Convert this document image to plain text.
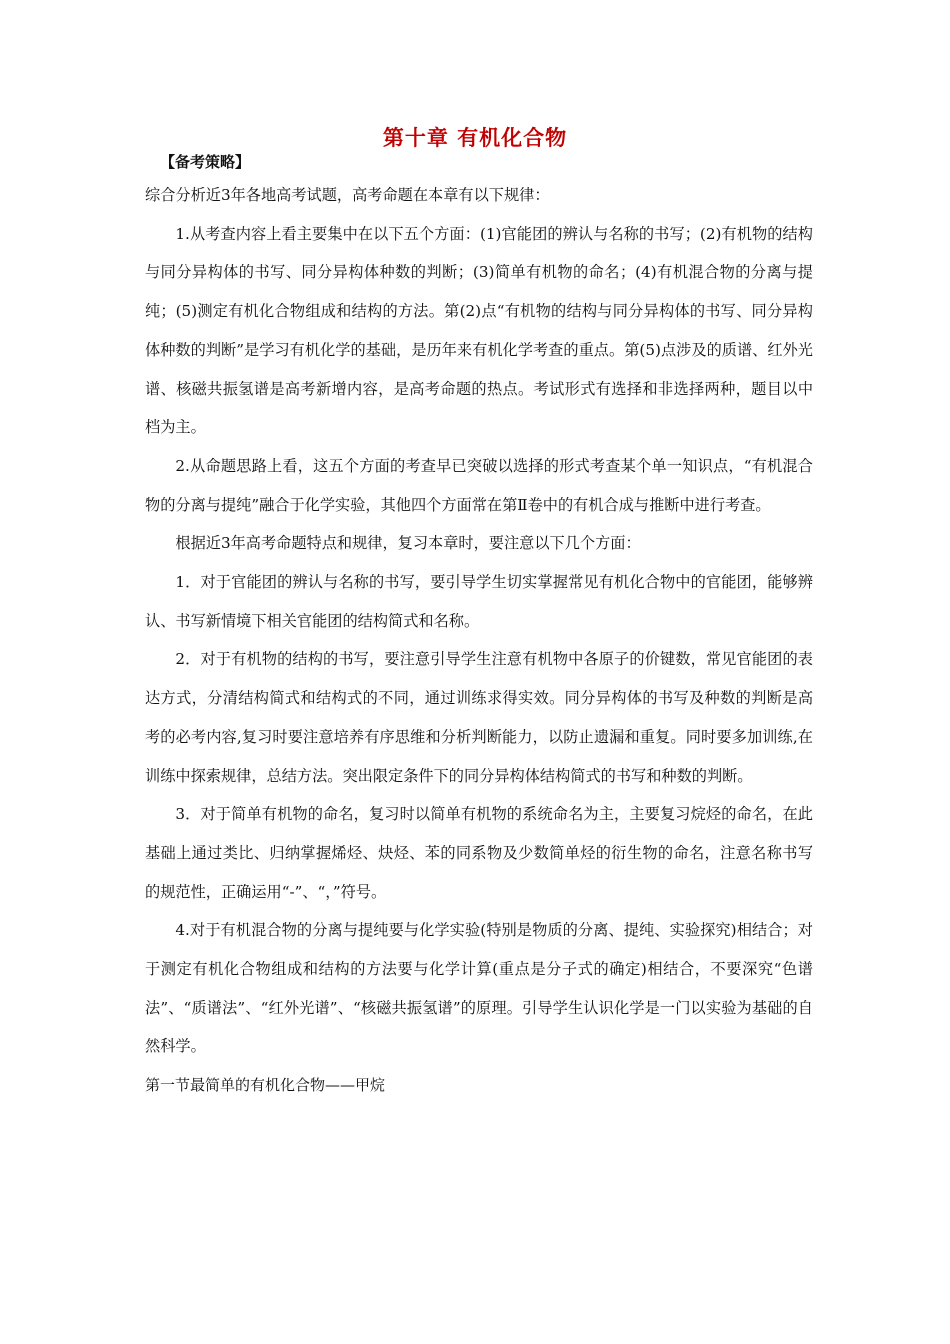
第十章 有机化合物
【备考策略】

综合分析近3年各地高考试题，高考命题在本章有以下规律：

1.从考查内容上看主要集中在以下五个方面：(1)官能团的辨认与名称的书写；(2)有机物的结构与同分异构体的书写、同分异构体种数的判断；(3)简单有机物的命名；(4)有机混合物的分离与提纯；(5)测定有机化合物组成和结构的方法。第(2)点“有机物的结构与同分异构体的书写、同分异构体种数的判断”是学习有机化学的基础，是历年来有机化学考查的重点。第(5)点涉及的质谱、红外光谱、核磁共振氢谱是高考新增内容，是高考命题的热点。考试形式有选择和非选择两种，题目以中档为主。

2.从命题思路上看，这五个方面的考查早已突破以选择的形式考查某个单一知识点，“有机混合物的分离与提纯”融合于化学实验，其他四个方面常在第Ⅱ卷中的有机合成与推断中进行考查。

根据近3年高考命题特点和规律，复习本章时，要注意以下几个方面：

1．对于官能团的辨认与名称的书写，要引导学生切实掌握常见有机化合物中的官能团，能够辨认、书写新情境下相关官能团的结构简式和名称。

2．对于有机物的结构的书写，要注意引导学生注意有机物中各原子的价键数，常见官能团的表达方式，分清结构简式和结构式的不同，通过训练求得实效。同分异构体的书写及种数的判断是高考的必考内容,复习时要注意培养有序思维和分析判断能力，以防止遗漏和重复。同时要多加训练,在训练中探索规律，总结方法。突出限定条件下的同分异构体结构简式的书写和种数的判断。

3．对于简单有机物的命名，复习时以简单有机物的系统命名为主，主要复习烷烃的命名，在此基础上通过类比、归纳掌握烯烃、炔烃、苯的同系物及少数简单烃的衍生物的命名，注意名称书写的规范性，正确运用“-”、“，”符号。

4.对于有机混合物的分离与提纯要与化学实验(特别是物质的分离、提纯、实验探究)相结合；对于测定有机化合物组成和结构的方法要与化学计算(重点是分子式的确定)相结合，不要深究“色谱法”、“质谱法”、“红外光谱”、“核磁共振氢谱”的原理。引导学生认识化学是一门以实验为基础的自然科学。

第一节最简单的有机化合物——甲烷
